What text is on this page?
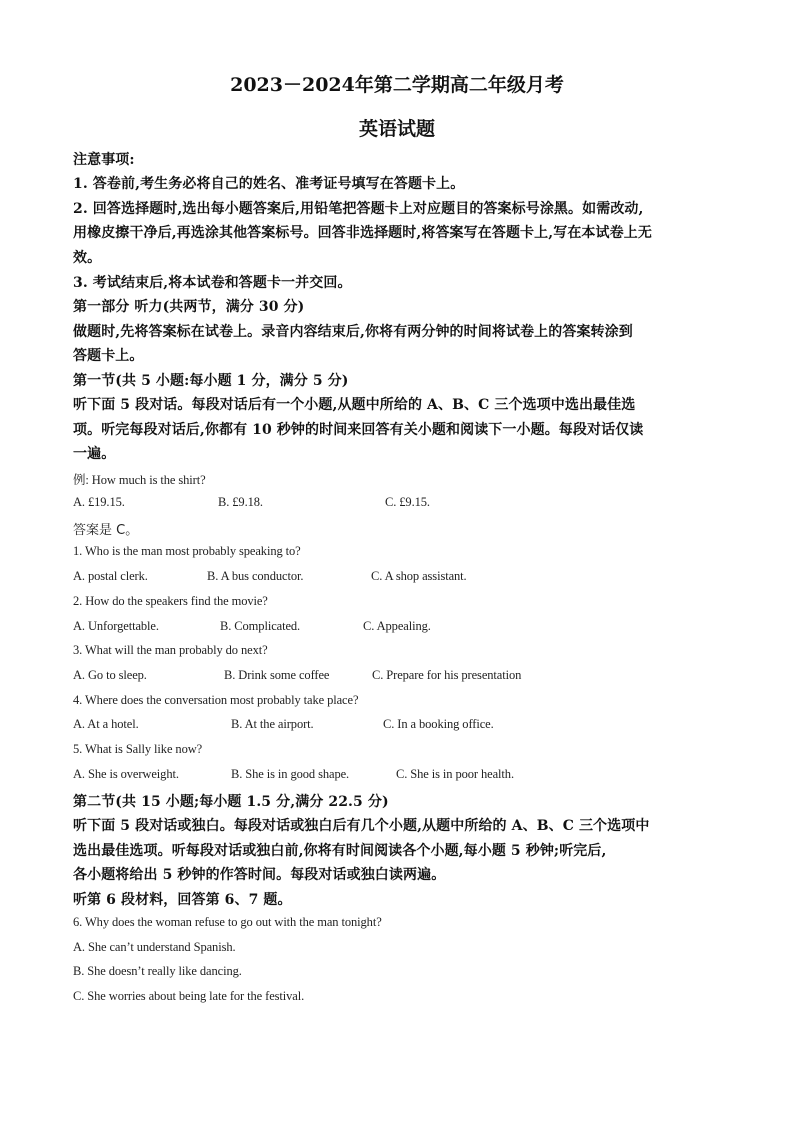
2023－2024年第二学期高二年级月考
英语试题
注意事项:
1. 答卷前,考生务必将自己的姓名、准考证号填写在答题卡上。
2. 回答选择题时,选出每小题答案后,用铅笔把答题卡上对应题目的答案标号涂黑。如需改动,
用橡皮擦干净后,再选涂其他答案标号。回答非选择题时,将答案写在答题卡上,写在本试卷上无
效。
3. 考试结束后,将本试卷和答题卡一并交回。
第一部分 听力(共两节，满分 30 分)
做题时,先将答案标在试卷上。录音内容结束后,你将有两分钟的时间将试卷上的答案转涂到
答题卡上。
第一节(共 5 小题:每小题 1 分，满分 5 分)
听下面 5 段对话。每段对话后有一个小题,从题中所给的 A、B、C 三个选项中选出最佳选
项。听完每段对话后,你都有 10 秒钟的时间来回答有关小题和阅读下一小题。每段对话仅读
一遍。
例: How much is the shirt?
A. £19.15.	B. £9.18.	C. £9.15.
答案是 C。
1. Who is the man most probably speaking to?
A. postal clerk.	B. A bus conductor.	C. A shop assistant.
2. How do the speakers find the movie?
A. Unforgettable.	B. Complicated.	C. Appealing.
3. What will the man probably do next?
A. Go to sleep.	B. Drink some coffee	C. Prepare for his presentation
4. Where does the conversation most probably take place?
A. At a hotel.	B. At the airport.	C. In a booking office.
5. What is Sally like now?
A. She is overweight.	B. She is in good shape.	C. She is in poor health.
第二节(共 15 小题;每小题 1.5 分,满分 22.5 分)
听下面 5 段对话或独白。每段对话或独白后有几个小题,从题中所给的 A、B、C 三个选项中
选出最佳选项。听每段对话或独白前,你将有时间阅读各个小题,每小题 5 秒钟;听完后,
各小题将给出 5 秒钟的作答时间。每段对话或独白读两遍。
听第 6 段材料，回答第 6、7 题。
6. Why does the woman refuse to go out with the man tonight?
A. She can’t understand Spanish.
B. She doesn’t really like dancing.
C. She worries about being late for the festival.
